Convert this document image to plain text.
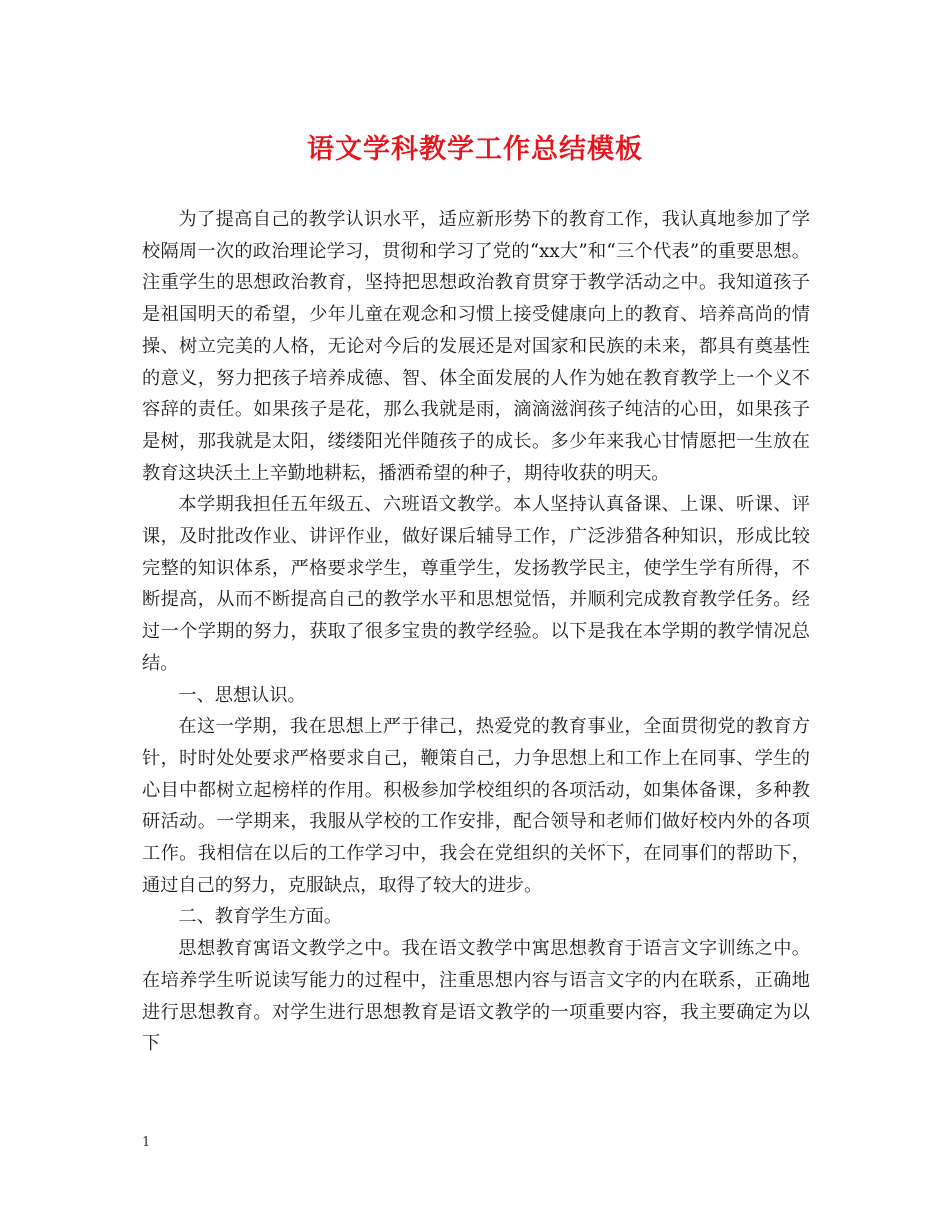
语文学科教学工作总结模板

为了提高自己的教学认识水平，适应新形势下的教育工作，我认真地参加了学校隔周一次的政治理论学习，贯彻和学习了党的“xx大”和“三个代表”的重要思想。注重学生的思想政治教育，坚持把思想政治教育贯穿于教学活动之中。我知道孩子是祖国明天的希望，少年儿童在观念和习惯上接受健康向上的教育、培养高尚的情操、树立完美的人格，无论对今后的发展还是对国家和民族的未来，都具有奠基性的意义，努力把孩子培养成德、智、体全面发展的人作为她在教育教学上一个义不容辞的责任。如果孩子是花，那么我就是雨，滴滴滋润孩子纯洁的心田，如果孩子是树，那我就是太阳，缕缕阳光伴随孩子的成长。多少年来我心甘情愿把一生放在教育这块沃土上辛勤地耕耘，播洒希望的种子，期待收获的明天。

本学期我担任五年级五、六班语文教学。本人坚持认真备课、上课、听课、评课，及时批改作业、讲评作业，做好课后辅导工作，广泛涉猎各种知识，形成比较完整的知识体系，严格要求学生，尊重学生，发扬教学民主，使学生学有所得，不断提高，从而不断提高自己的教学水平和思想觉悟，并顺利完成教育教学任务。经过一个学期的努力，获取了很多宝贵的教学经验。以下是我在本学期的教学情况总结。

一、思想认识。

在这一学期，我在思想上严于律己，热爱党的教育事业，全面贯彻党的教育方针，时时处处要求严格要求自己，鞭策自己，力争思想上和工作上在同事、学生的心目中都树立起榜样的作用。积极参加学校组织的各项活动，如集体备课，多种教研活动。一学期来，我服从学校的工作安排，配合领导和老师们做好校内外的各项工作。我相信在以后的工作学习中，我会在党组织的关怀下，在同事们的帮助下，通过自己的努力，克服缺点，取得了较大的进步。

二、教育学生方面。

思想教育寓语文教学之中。我在语文教学中寓思想教育于语言文字训练之中。在培养学生听说读写能力的过程中，注重思想内容与语言文字的内在联系，正确地进行思想教育。对学生进行思想教育是语文教学的一项重要内容，我主要确定为以下

1
